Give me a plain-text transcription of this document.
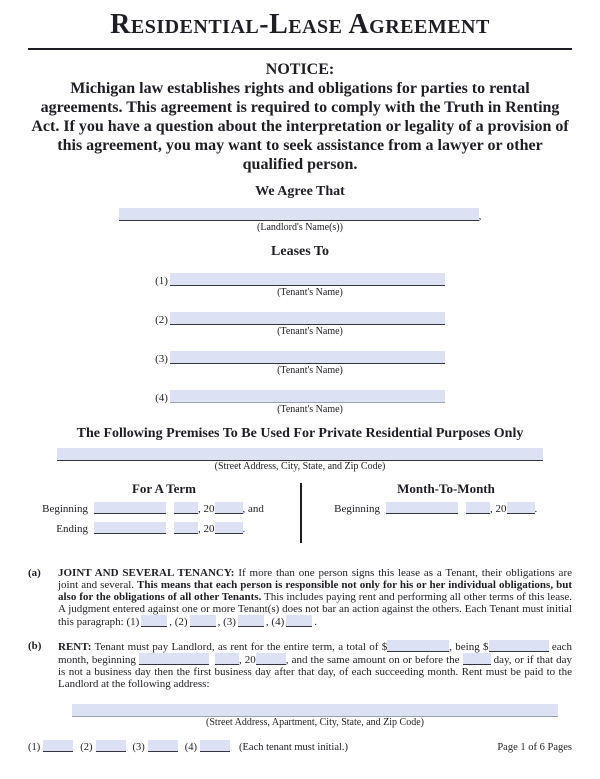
Residential-Lease Agreement
NOTICE:
Michigan law establishes rights and obligations for parties to rental agreements. This agreement is required to comply with the Truth in Renting Act. If you have a question about the interpretation or legality of a provision of this agreement, you may want to seek assistance from a lawyer or other qualified person.
We Agree That
,
(Landlord's Name(s))
Leases To
(1)
(Tenant's Name)
(2)
(Tenant's Name)
(3)
(Tenant's Name)
(4)
(Tenant's Name)
The Following Premises To Be Used For Private Residential Purposes Only
(Street Address, City, State, and Zip Code)
For A Term
Beginning	, 20	, and
Ending	, 20	.
Month-To-Month
Beginning	, 20	.
(a) JOINT AND SEVERAL TENANCY: If more than one person signs this lease as a Tenant, their obligations are joint and several. This means that each person is responsible not only for his or her individual obligations, but also for the obligations of all other Tenants. This includes paying rent and performing all other terms of this lease. A judgment entered against one or more Tenant(s) does not bar an action against the others. Each Tenant must initial this paragraph: (1)	, (2)	, (3)	, (4)	.
(b) RENT: Tenant must pay Landlord, as rent for the entire term, a total of $	, being $	each month, beginning	, 20	, and the same amount on or before the	day, or if that day is not a business day then the first business day after that day, of each succeeding month. Rent must be paid to the Landlord at the following address:
(Street Address, Apartment, City, State, and Zip Code)
(1)	(2)	(3)	(4)	(Each tenant must initial.)	Page 1 of 6 Pages
